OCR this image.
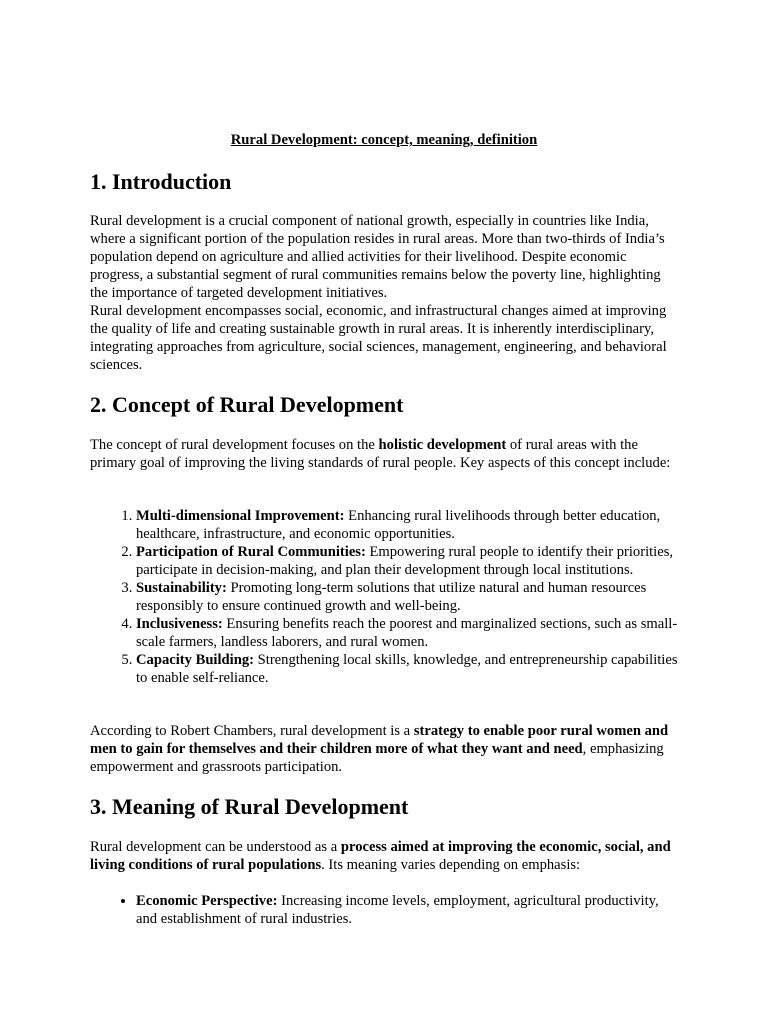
Rural Development: concept, meaning, definition
1. Introduction

Rural development is a crucial component of national growth, especially in countries like India, where a significant portion of the population resides in rural areas. More than two-thirds of India’s population depend on agriculture and allied activities for their livelihood. Despite economic progress, a substantial segment of rural communities remains below the poverty line, highlighting the importance of targeted development initiatives.

Rural development encompasses social, economic, and infrastructural changes aimed at improving the quality of life and creating sustainable growth in rural areas. It is inherently interdisciplinary, integrating approaches from agriculture, social sciences, management, engineering, and behavioral sciences.

2. Concept of Rural Development

The concept of rural development focuses on the holistic development of rural areas with the primary goal of improving the living standards of rural people. Key aspects of this concept include:

1. Multi-dimensional Improvement: Enhancing rural livelihoods through better education, healthcare, infrastructure, and economic opportunities.
2. Participation of Rural Communities: Empowering rural people to identify their priorities, participate in decision-making, and plan their development through local institutions.
3. Sustainability: Promoting long-term solutions that utilize natural and human resources responsibly to ensure continued growth and well-being.
4. Inclusiveness: Ensuring benefits reach the poorest and marginalized sections, such as small-scale farmers, landless laborers, and rural women.
5. Capacity Building: Strengthening local skills, knowledge, and entrepreneurship capabilities to enable self-reliance.

According to Robert Chambers, rural development is a strategy to enable poor rural women and men to gain for themselves and their children more of what they want and need, emphasizing empowerment and grassroots participation.

3. Meaning of Rural Development

Rural development can be understood as a process aimed at improving the economic, social, and living conditions of rural populations. Its meaning varies depending on emphasis:

• Economic Perspective: Increasing income levels, employment, agricultural productivity, and establishment of rural industries.
